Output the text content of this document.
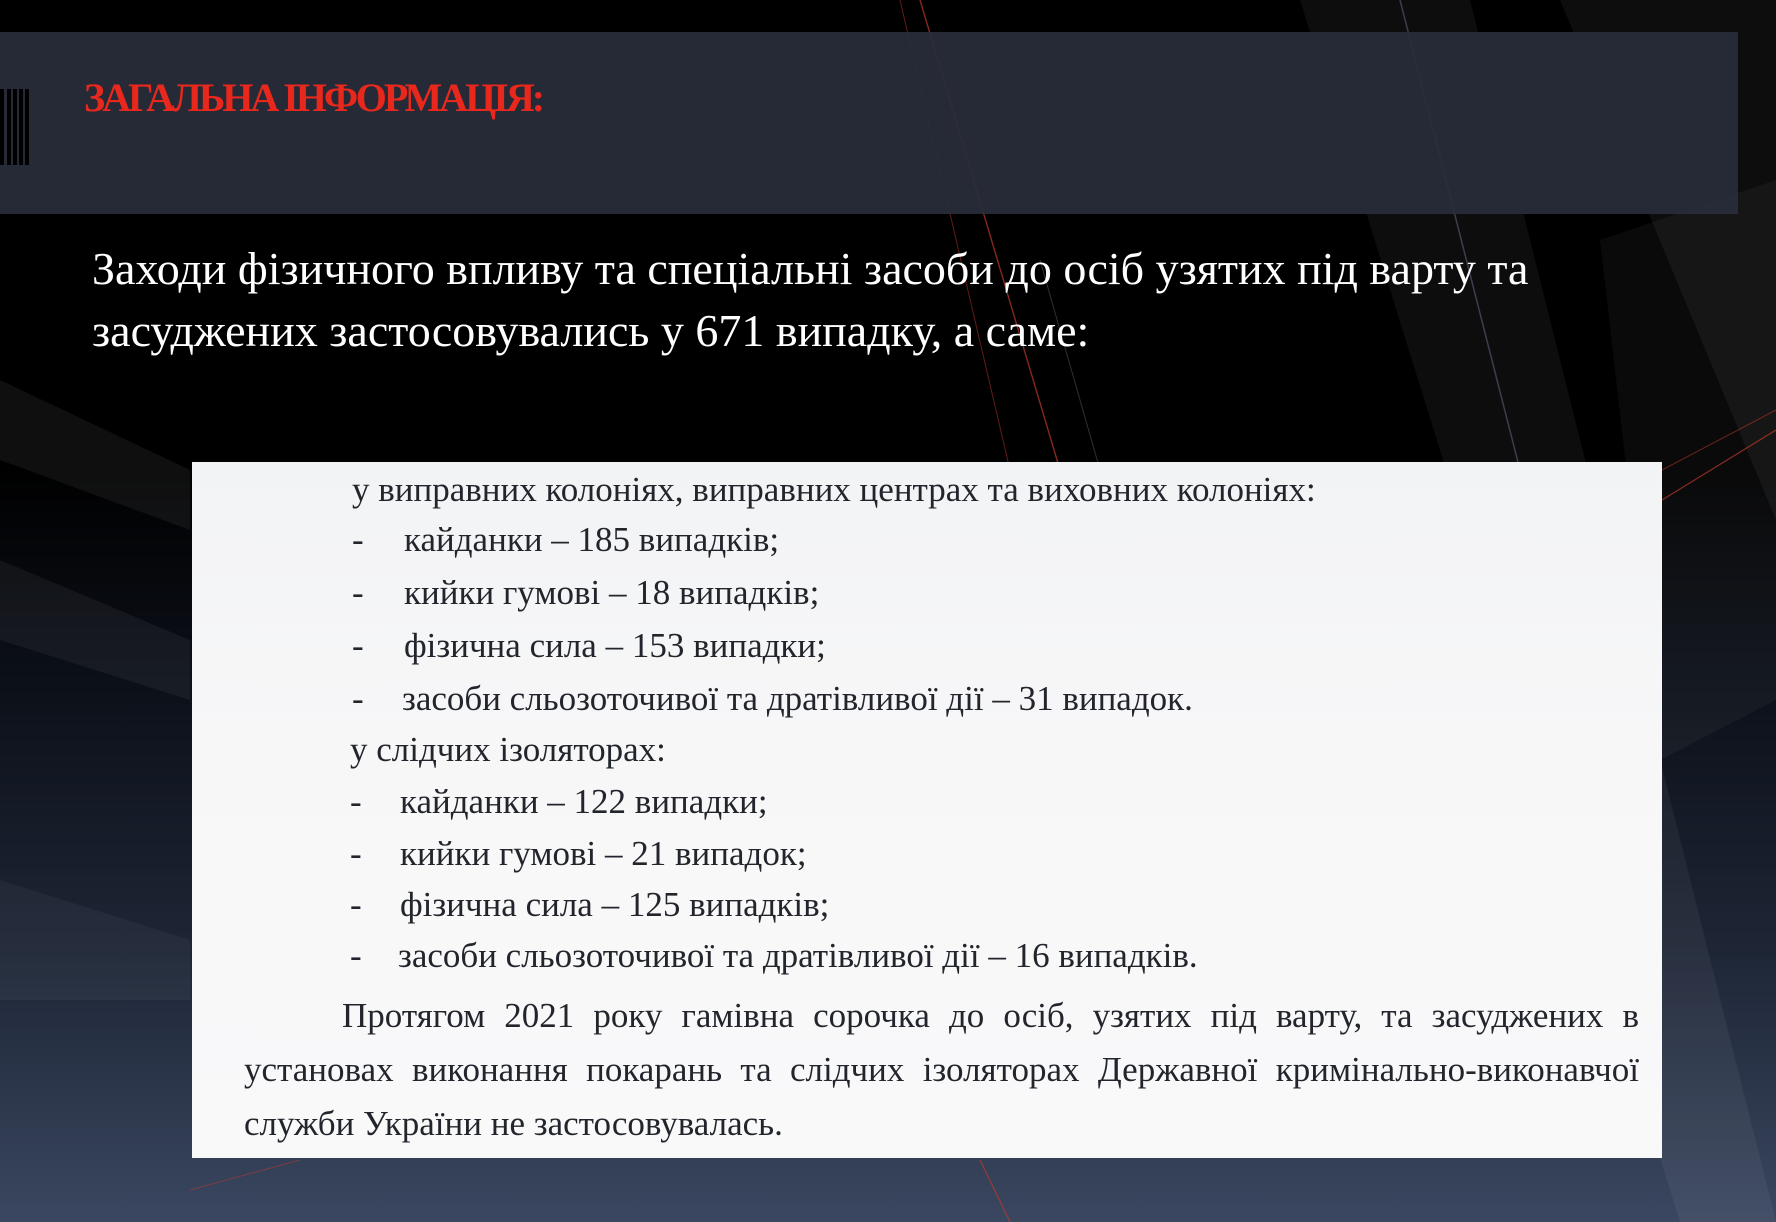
ЗАГАЛЬНА ІНФОРМАЦІЯ:

Заходи фізичного впливу та спеціальні засоби до осіб узятих під варту та засуджених застосовувались у 671 випадку, а саме:

у виправних колоніях, виправних центрах та виховних колоніях:

- кайданки – 185 випадків;

- кийки гумові – 18 випадків;

- фізична сила – 153 випадки;

- засоби сльозоточивої та дратівливої дії – 31 випадок.

у слідчих ізоляторах:

- кайданки – 122 випадки;

- кийки гумові – 21 випадок;

- фізична сила – 125 випадків;

- засоби сльозоточивої та дратівливої дії – 16 випадків.

Протягом 2021 року гамівна сорочка до осіб, узятих під варту, та засуджених в установах виконання покарань та слідчих ізоляторах Державної кримінально-виконавчої служби України не застосовувалась.
